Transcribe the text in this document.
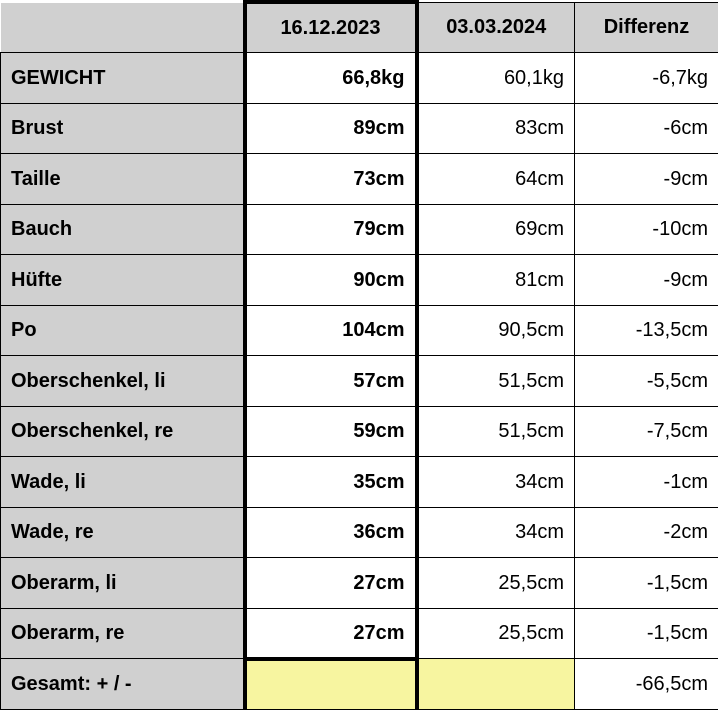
	16.12.2023	03.03.2024	Differenz
GEWICHT	66,8kg	60,1kg	-6,7kg
Brust	89cm	83cm	-6cm
Taille	73cm	64cm	-9cm
Bauch	79cm	69cm	-10cm
Hüfte	90cm	81cm	-9cm
Po	104cm	90,5cm	-13,5cm
Oberschenkel, li	57cm	51,5cm	-5,5cm
Oberschenkel, re	59cm	51,5cm	-7,5cm
Wade, li	35cm	34cm	-1cm
Wade, re	36cm	34cm	-2cm
Oberarm, li	27cm	25,5cm	-1,5cm
Oberarm, re	27cm	25,5cm	-1,5cm
Gesamt: + / -			-66,5cm
